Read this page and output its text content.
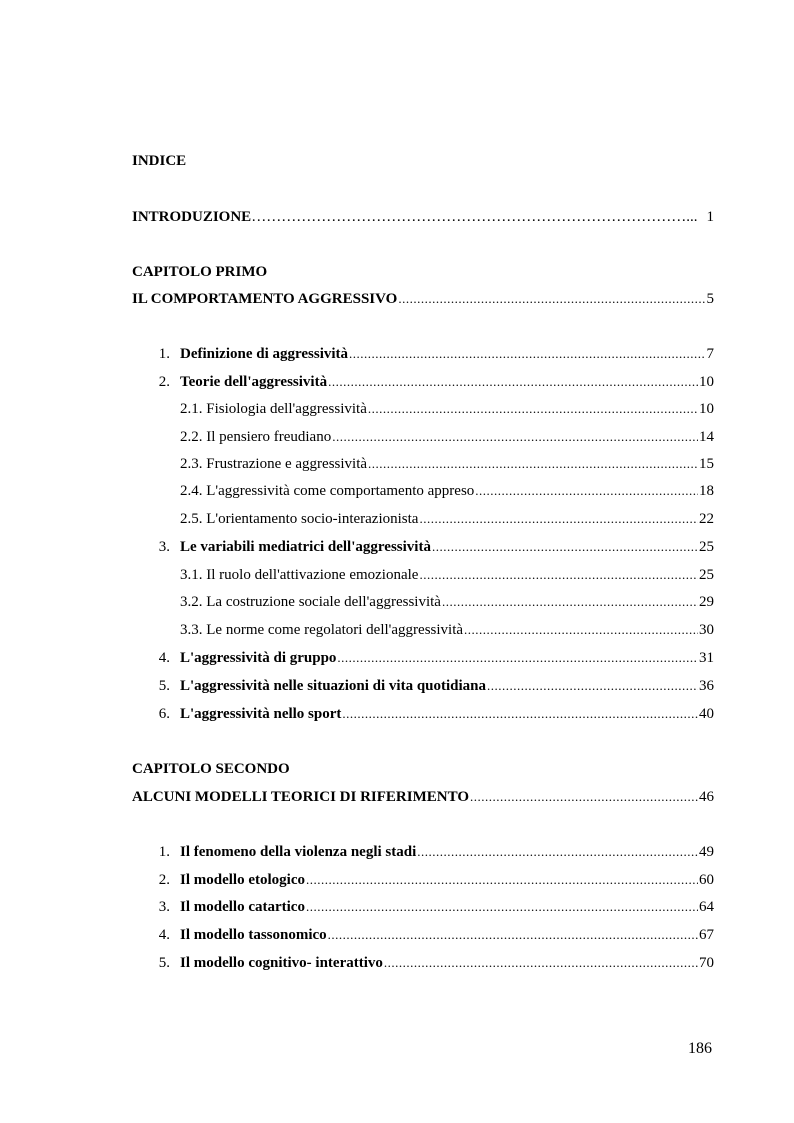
INDICE
INTRODUZIONE ……………………………………………………………………………... 1
CAPITOLO PRIMO
IL COMPORTAMENTO AGGRESSIVO .....	5
1. Definizione di aggressività .....	7
2. Teorie dell'aggressività .....	10
2.1. Fisiologia dell'aggressività .....	10
2.2. Il pensiero freudiano .....	14
2.3. Frustrazione e aggressività .....	15
2.4. L'aggressività come comportamento appreso .....	18
2.5. L'orientamento socio-interazionista .....	22
3. Le variabili mediatrici dell'aggressività .....	25
3.1. Il ruolo dell'attivazione emozionale .....	25
3.2. La costruzione sociale dell'aggressività .....	29
3.3. Le norme come regolatori dell'aggressività .....	30
4. L'aggressività di gruppo .....	31
5. L'aggressività nelle situazioni di vita quotidiana .....	36
6. L'aggressività nello sport .....	40
CAPITOLO SECONDO
ALCUNI MODELLI TEORICI DI RIFERIMENTO .....	46
1. Il fenomeno della violenza negli stadi .....	49
2. Il modello etologico .....	60
3. Il modello catartico .....	64
4. Il modello tassonomico .....	67
5. Il modello cognitivo- interattivo .....	70
186
